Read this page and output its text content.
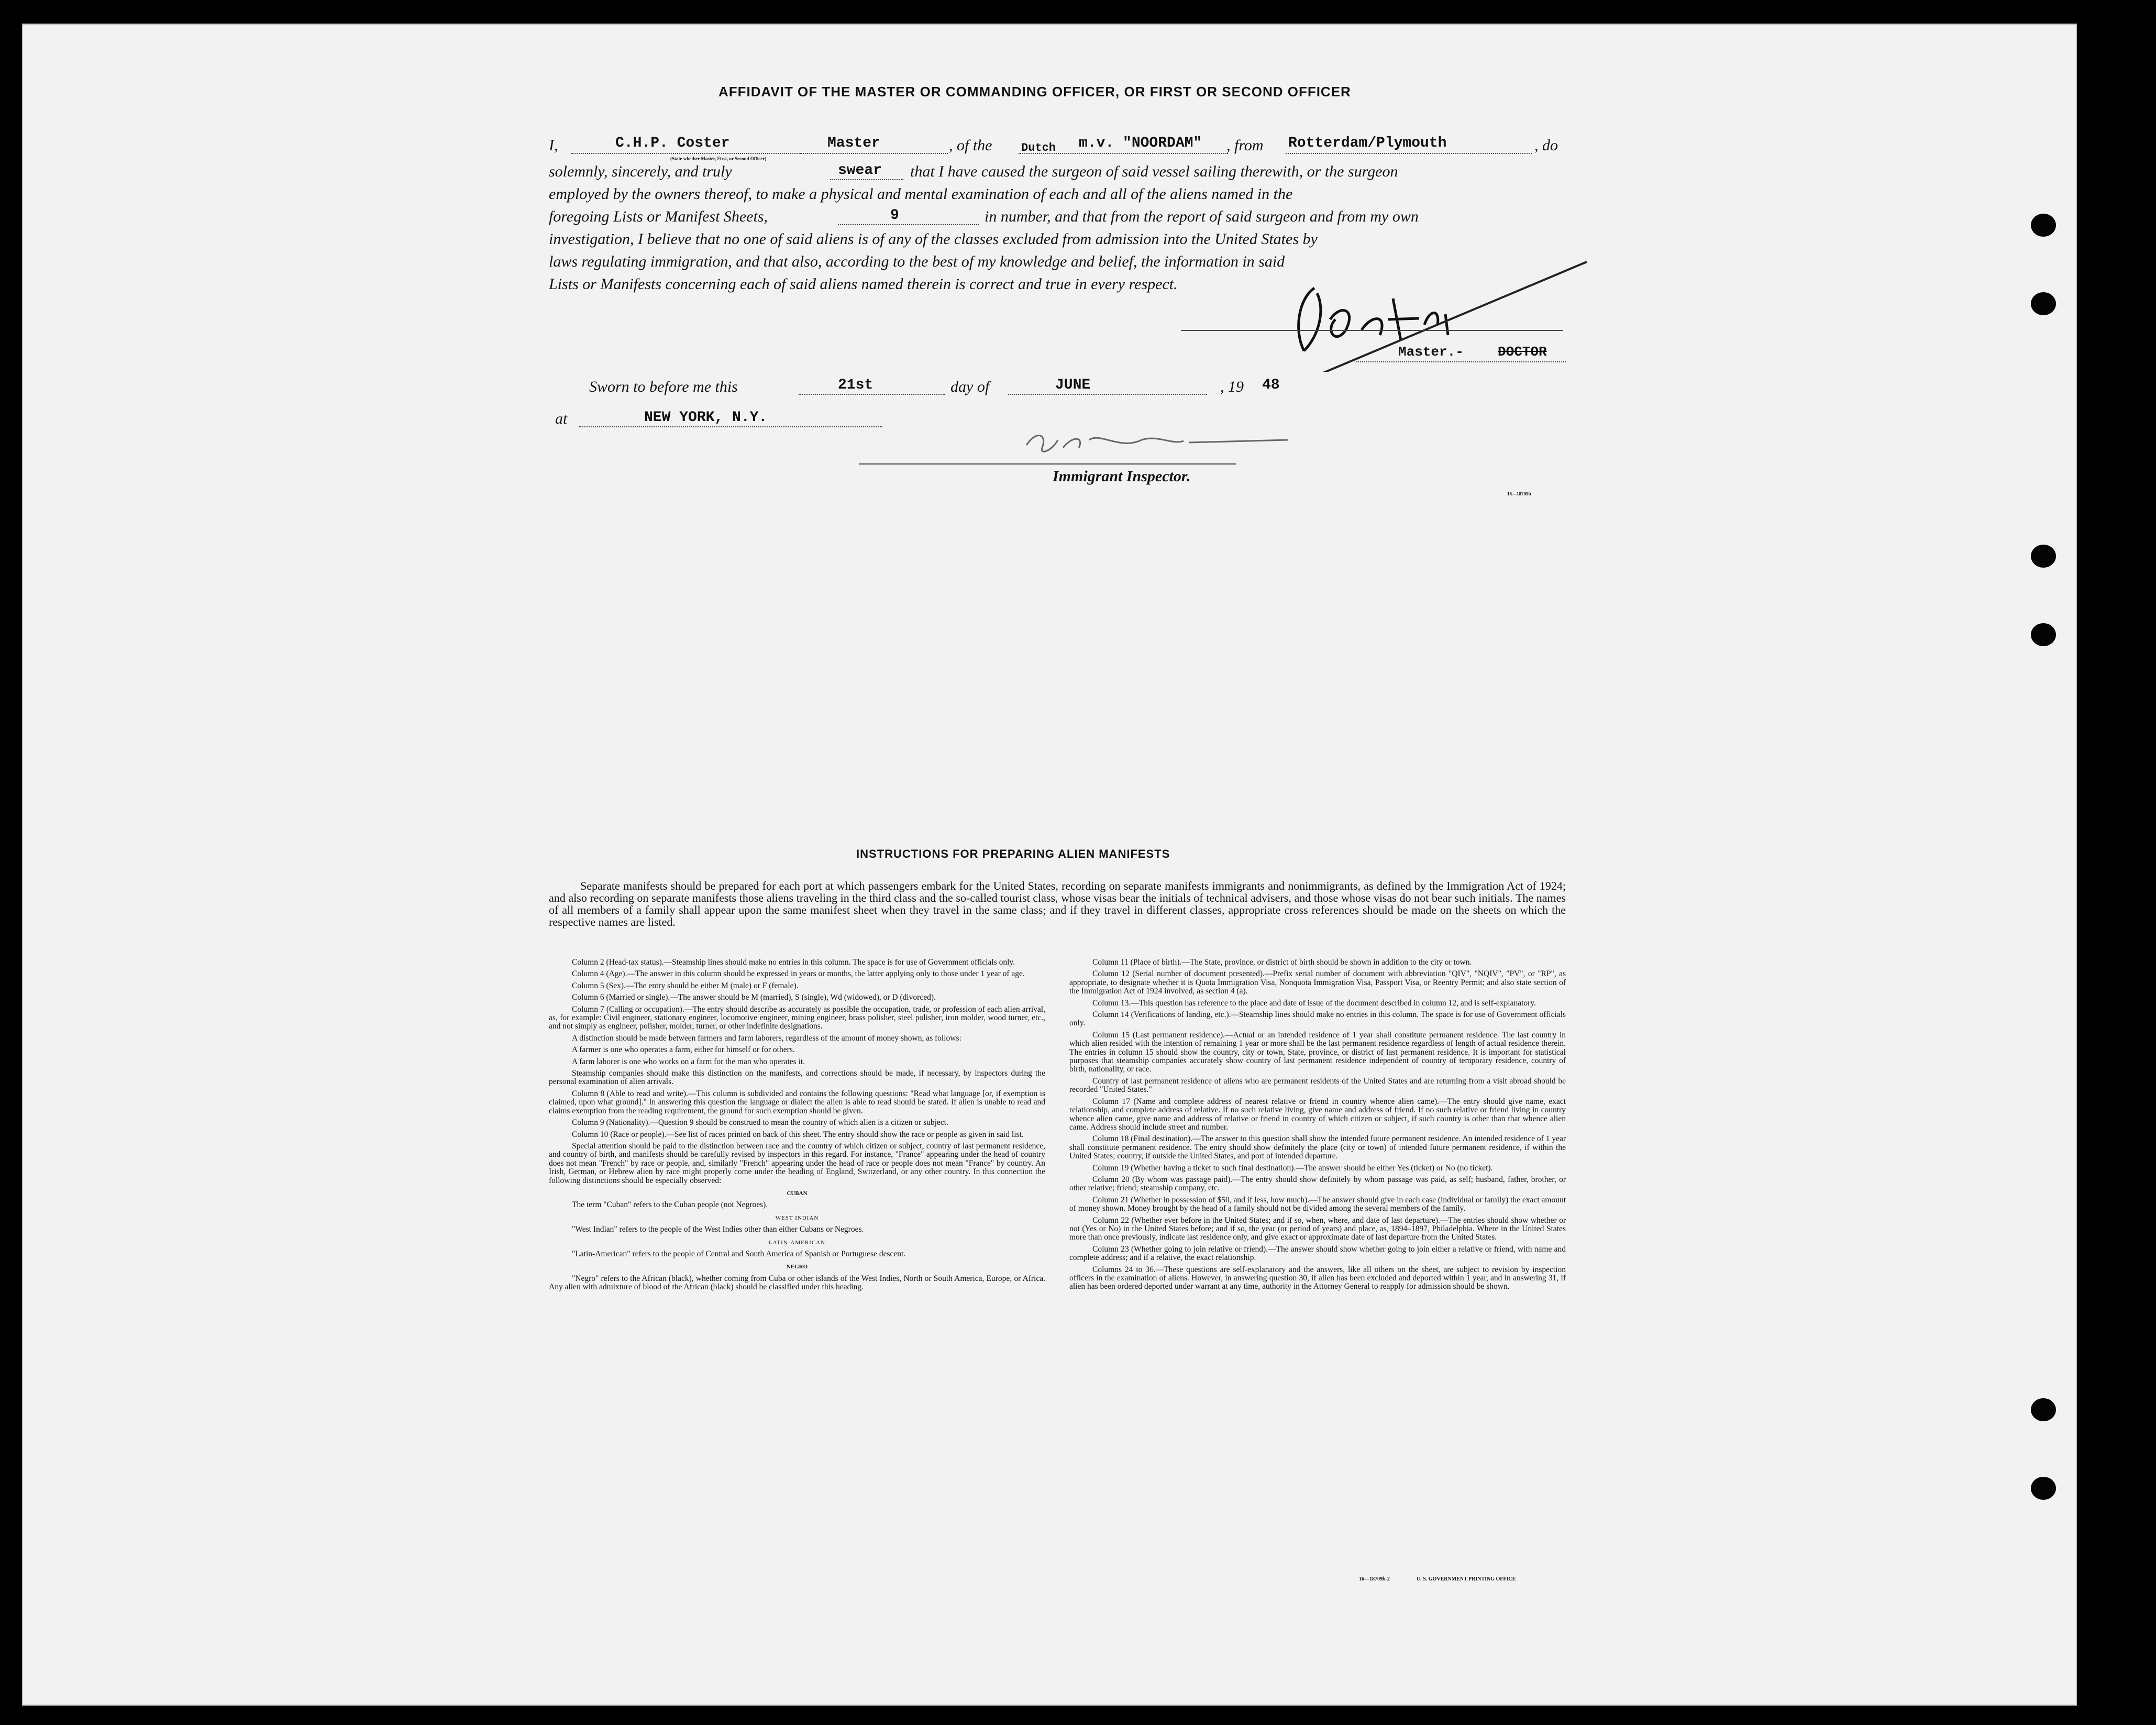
AFFIDAVIT OF THE MASTER OR COMMANDING OFFICER, OR FIRST OR SECOND OFFICER
I,	C.H.P. Coster	Master	, of the	Dutch m.v. "NOORDAM" , from Rotterdam/Plymouth	, do
(State whether Master, First, or Second Officer)
solemnly, sincerely, and truly	swear that I have caused the surgeon of said vessel sailing therewith, or the surgeon
employed by the owners thereof, to make a physical and mental examination of each and all of the aliens named in the
foregoing Lists or Manifest Sheets,	9	in number, and that from the report of said surgeon and from my own
investigation, I believe that no one of said aliens is of any of the classes excluded from admission into the United States by
laws regulating immigration, and that also, according to the best of my knowledge and belief, the information in said
Lists or Manifests concerning each of said aliens named therein is correct and true in every respect.
Master.-	DOCTOR
Sworn to before me this	21st	day of	JUNE	, 19 48
at	NEW YORK, N.Y.
Immigrant Inspector.
16—18709b
INSTRUCTIONS FOR PREPARING ALIEN MANIFESTS

Separate manifests should be prepared for each port at which passengers embark for the United States, recording on separate manifests immigrants and nonimmigrants, as defined by the Immigration Act of 1924; and also recording on separate manifests those aliens traveling in the third class and the so-called tourist class, whose visas bear the initials of technical advisers, and those whose visas do not bear such initials. The names of all members of a family shall appear upon the same manifest sheet when they travel in the same class; and if they travel in different classes, appropriate cross references should be made on the sheets on which the respective names are listed.

Column 2 (Head-tax status).—Steamship lines should make no entries in this column. The space is for use of Government officials only.

Column 4 (Age).—The answer in this column should be expressed in years or months, the latter applying only to those under 1 year of age.

Column 5 (Sex).—The entry should be either M (male) or F (female).

Column 6 (Married or single).—The answer should be M (married), S (single), Wd (widowed), or D (divorced).

Column 7 (Calling or occupation).—The entry should describe as accurately as possible the occupation, trade, or profession of each alien arrival, as, for example: Civil engineer, stationary engineer, locomotive engineer, mining engineer, brass polisher, steel polisher, iron molder, wood turner, etc., and not simply as engineer, polisher, molder, turner, or other indefinite designations.

A distinction should be made between farmers and farm laborers, regardless of the amount of money shown, as follows:

A farmer is one who operates a farm, either for himself or for others.

A farm laborer is one who works on a farm for the man who operates it.

Steamship companies should make this distinction on the manifests, and corrections should be made, if necessary, by inspectors during the personal examination of alien arrivals.

Column 8 (Able to read and write).—This column is subdivided and contains the following questions: "Read what language [or, if exemption is claimed, upon what ground]." In answering this question the language or dialect the alien is able to read should be stated. If alien is unable to read and claims exemption from the reading requirement, the ground for such exemption should be given.

Column 9 (Nationality).—Question 9 should be construed to mean the country of which alien is a citizen or subject.

Column 10 (Race or people).—See list of races printed on back of this sheet. The entry should show the race or people as given in said list.

Special attention should be paid to the distinction between race and the country of which citizen or subject, country of last permanent residence, and country of birth, and manifests should be carefully revised by inspectors in this regard. For instance, "France" appearing under the head of country does not mean "French" by race or people, and, similarly "French" appearing under the head of race or people does not mean "France" by country. An Irish, German, or Hebrew alien by race might properly come under the heading of England, Switzerland, or any other country. In this connection the following distinctions should be especially observed:

CUBAN

The term "Cuban" refers to the Cuban people (not Negroes).

WEST INDIAN

"West Indian" refers to the people of the West Indies other than either Cubans or Negroes.

LATIN-AMERICAN

"Latin-American" refers to the people of Central and South America of Spanish or Portuguese descent.

NEGRO

"Negro" refers to the African (black), whether coming from Cuba or other islands of the West Indies, North or South America, Europe, or Africa. Any alien with admixture of blood of the African (black) should be classified under this heading.

Column 11 (Place of birth).—The State, province, or district of birth should be shown in addition to the city or town.

Column 12 (Serial number of document presented).—Prefix serial number of document with abbreviation "QIV", "NQIV", "PV", or "RP", as appropriate, to designate whether it is Quota Immigration Visa, Nonquota Immigration Visa, Passport Visa, or Reentry Permit; and also state section of the Immigration Act of 1924 involved, as section 4 (a).

Column 13.—This question has reference to the place and date of issue of the document described in column 12, and is self-explanatory.

Column 14 (Verifications of landing, etc.).—Steamship lines should make no entries in this column. The space is for use of Government officials only.

Column 15 (Last permanent residence).—Actual or an intended residence of 1 year shall constitute permanent residence. The last country in which alien resided with the intention of remaining 1 year or more shall be the last permanent residence regardless of length of actual residence therein. The entries in column 15 should show the country, city or town, State, province, or district of last permanent residence. It is important for statistical purposes that steamship companies accurately show country of last permanent residence independent of country of temporary residence, country of birth, nationality, or race.

Country of last permanent residence of aliens who are permanent residents of the United States and are returning from a visit abroad should be recorded "United States."

Column 17 (Name and complete address of nearest relative or friend in country whence alien came).—The entry should give name, exact relationship, and complete address of relative. If no such relative living, give name and address of friend. If no such relative or friend living in country whence alien came, give name and address of relative or friend in country of which citizen or subject, if such country is other than that whence alien came. Address should include street and number.

Column 18 (Final destination).—The answer to this question shall show the intended future permanent residence. An intended residence of 1 year shall constitute permanent residence. The entry should show definitely the place (city or town) of intended future permanent residence, if within the United States; country, if outside the United States, and port of intended departure.

Column 19 (Whether having a ticket to such final destination).—The answer should be either Yes (ticket) or No (no ticket).

Column 20 (By whom was passage paid).—The entry should show definitely by whom passage was paid, as self; husband, father, brother, or other relative; friend; steamship company, etc.

Column 21 (Whether in possession of $50, and if less, how much).—The answer should give in each case (individual or family) the exact amount of money shown. Money brought by the head of a family should not be divided among the several members of the family.

Column 22 (Whether ever before in the United States; and if so, when, where, and date of last departure).—The entries should show whether or not (Yes or No) in the United States before; and if so, the year (or period of years) and place, as, 1894–1897, Philadelphia. Where in the United States more than once previously, indicate last residence only, and give exact or approximate date of last departure from the United States.

Column 23 (Whether going to join relative or friend).—The answer should show whether going to join either a relative or friend, with name and complete address; and if a relative, the exact relationship.

Columns 24 to 36.—These questions are self-explanatory and the answers, like all others on the sheet, are subject to revision by inspection officers in the examination of aliens. However, in answering question 30, if alien has been excluded and deported within 1 year, and in answering 31, if alien has been ordered deported under warrant at any time, authority in the Attorney General to reapply for admission should be shown.

16—18709b-2	U. S. GOVERNMENT PRINTING OFFICE
